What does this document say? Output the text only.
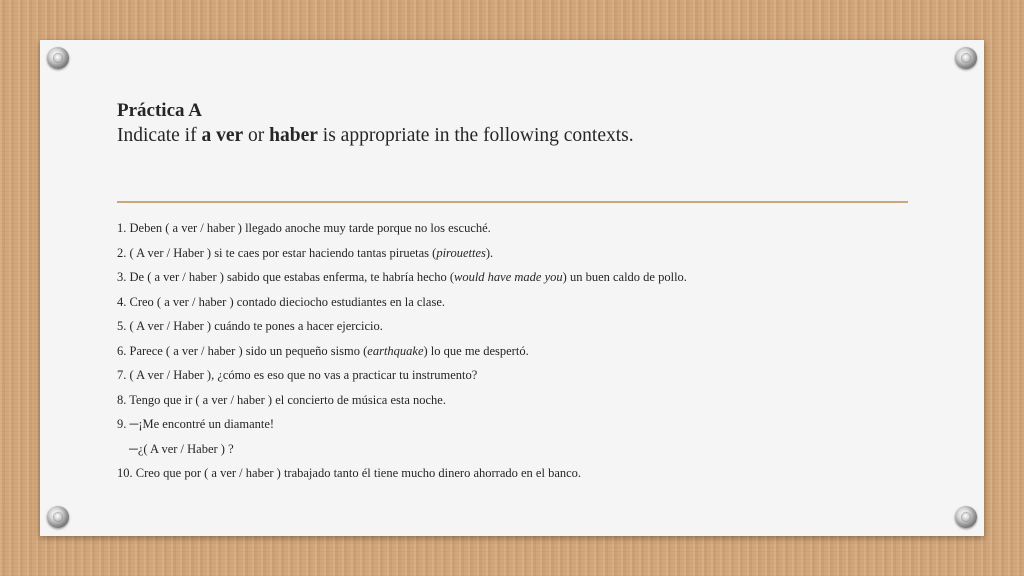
Práctica A
Indicate if a ver or haber is appropriate in the following contexts.
1. Deben ( a ver / haber ) llegado anoche muy tarde porque no los escuché.
2. ( A ver / Haber ) si te caes por estar haciendo tantas piruetas (pirouettes).
3. De ( a ver / haber ) sabido que estabas enferma, te habría hecho (would have made you) un buen caldo de pollo.
4. Creo ( a ver / haber ) contado dieciocho estudiantes en la clase.
5. ( A ver / Haber ) cuándo te pones a hacer ejercicio.
6. Parece ( a ver / haber ) sido un pequeño sismo (earthquake) lo que me despertó.
7. ( A ver / Haber ), ¿cómo es eso que no vas a practicar tu instrumento?
8. Tengo que ir ( a ver / haber ) el concierto de música esta noche.
9. ─¡Me encontré un diamante!
─¿( A ver / Haber ) ?
10. Creo que por ( a ver / haber ) trabajado tanto él tiene mucho dinero ahorrado en el banco.
